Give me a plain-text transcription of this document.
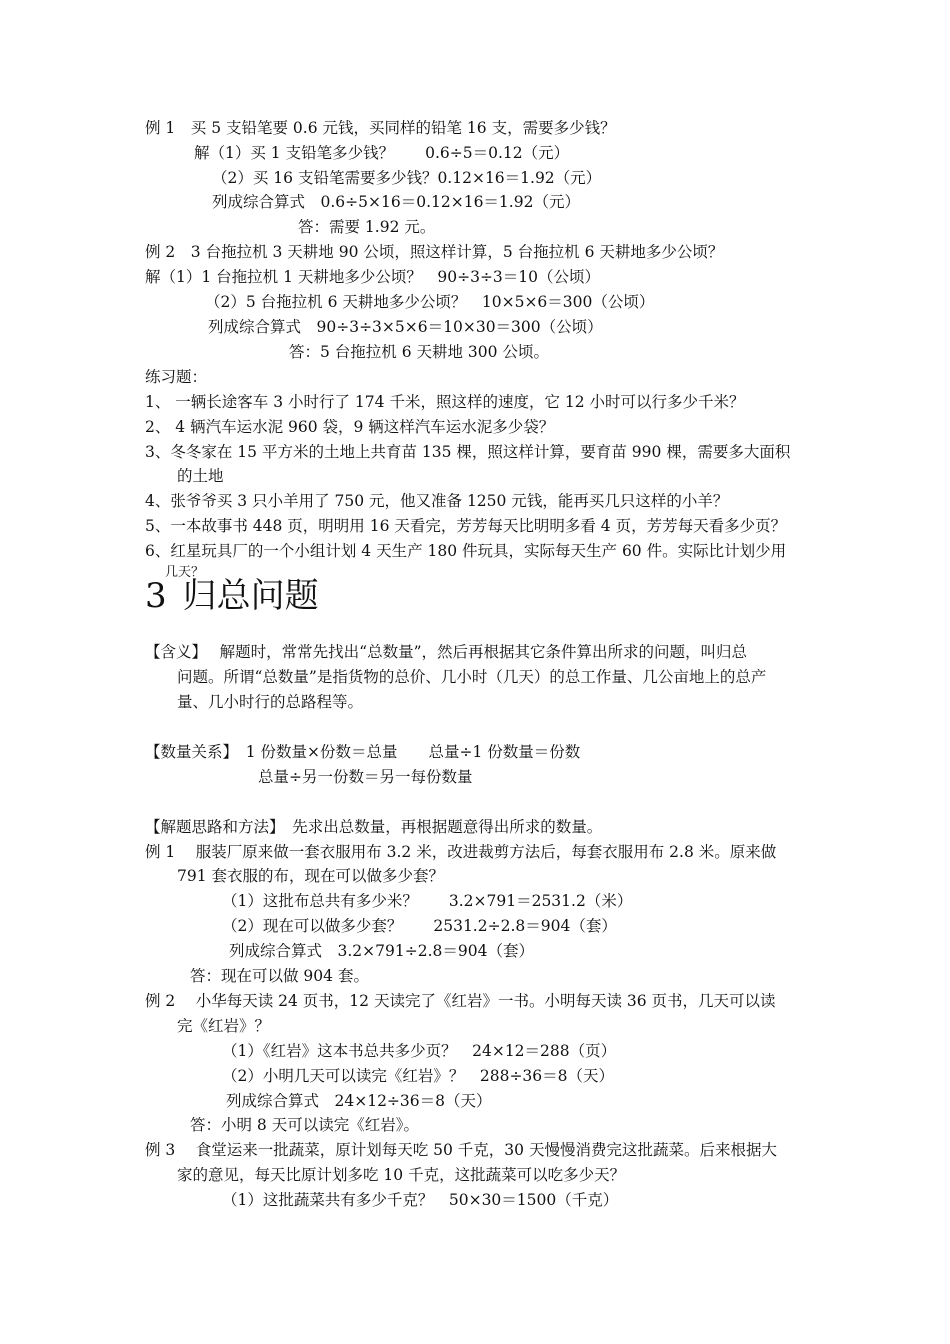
例 1　买 5 支铅笔要 0.6 元钱，买同样的铅笔 16 支，需要多少钱？
解（1）买 1 支铅笔多少钱？　　0.6÷5＝0.12（元）
（2）买 16 支铅笔需要多少钱？0.12×16＝1.92（元）
列成综合算式　0.6÷5×16＝0.12×16＝1.92（元）
答：需要 1.92 元。
例 2　3 台拖拉机 3 天耕地 90 公顷，照这样计算，5 台拖拉机 6 天耕地多少公顷？
解（1）1 台拖拉机 1 天耕地多少公顷？　90÷3÷3＝10（公顷）
（2）5 台拖拉机 6 天耕地多少公顷？　10×5×6＝300（公顷）
列成综合算式　90÷3÷3×5×6＝10×30＝300（公顷）
答：5 台拖拉机 6 天耕地 300 公顷。
练习题：
1、 一辆长途客车 3 小时行了 174 千米，照这样的速度，它 12 小时可以行多少千米？
2、 4 辆汽车运水泥 960 袋，9 辆这样汽车运水泥多少袋？
3、冬冬家在 15 平方米的土地上共育苗 135 棵，照这样计算，要育苗 990 棵，需要多大面积
的土地
4、张爷爷买 3 只小羊用了 750 元，他又准备 1250 元钱，能再买几只这样的小羊？
5、一本故事书 448 页，明明用 16 天看完，芳芳每天比明明多看 4 页，芳芳每天看多少页？
6、红星玩具厂的一个小组计划 4 天生产 180 件玩具，实际每天生产 60 件。实际比计划少用
几天？
3 归总问题
【含义】　 解题时，常常先找出“总数量”，然后再根据其它条件算出所求的问题，叫归总
问题。所谓“总数量”是指货物的总价、几小时（几天）的总工作量、几公亩地上的总产
量、几小时行的总路程等。
【数量关系】　1 份数量×份数＝总量　　总量÷1 份数量＝份数
总量÷另一份数＝另一每份数量
【解题思路和方法】　先求出总数量，再根据题意得出所求的数量。
例 1　 服装厂原来做一套衣服用布 3.2 米，改进裁剪方法后，每套衣服用布 2.8 米。原来做
791 套衣服的布，现在可以做多少套？
（1）这批布总共有多少米？　　3.2×791＝2531.2（米）
（2）现在可以做多少套？　　2531.2÷2.8＝904（套）
列成综合算式　3.2×791÷2.8＝904（套）
答：现在可以做 904 套。
例 2　 小华每天读 24 页书，12 天读完了《红岩》一书。小明每天读 36 页书，几天可以读
完《红岩》？
（1）《红岩》这本书总共多少页？　24×12＝288（页）
（2）小明几天可以读完《红岩》？　288÷36＝8（天）
列成综合算式　24×12÷36＝8（天）
答：小明 8 天可以读完《红岩》。
例 3　 食堂运来一批蔬菜，原计划每天吃 50 千克，30 天慢慢消费完这批蔬菜。后来根据大
家的意见，每天比原计划多吃 10 千克，这批蔬菜可以吃多少天？
（1）这批蔬菜共有多少千克？　50×30＝1500（千克）
